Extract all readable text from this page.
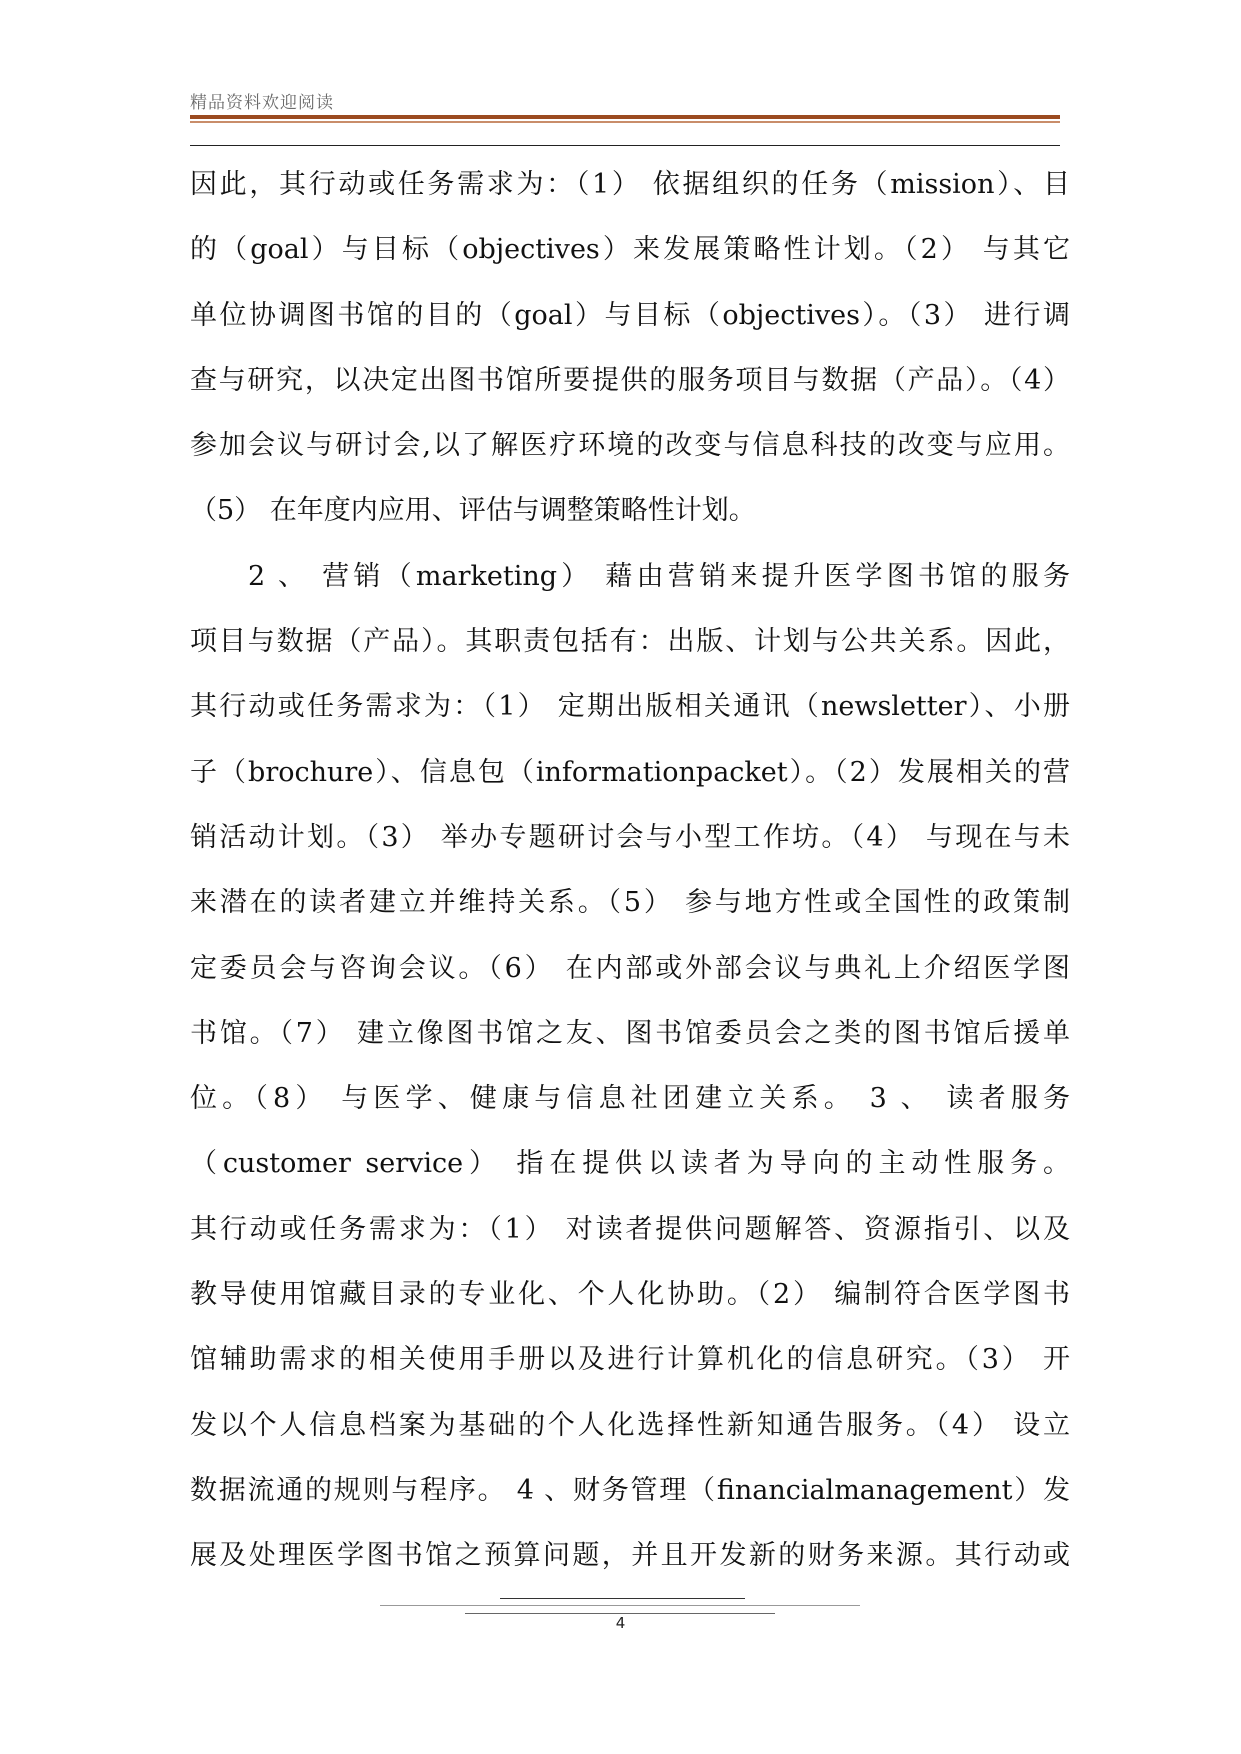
精品资料欢迎阅读
因此，其行动或任务需求为：（1） 依据组织的任务（mission）、目
的（goal）与目标（objectives）来发展策略性计划。（2） 与其它
单位协调图书馆的目的（goal）与目标（objectives）。（3） 进行调
查与研究，以决定出图书馆所要提供的服务项目与数据（产品）。（4）
参加会议与研讨会,以了解医疗环境的改变与信息科技的改变与应用。
（5） 在年度内应用、评估与调整策略性计划。
2 、 营销（marketing） 藉由营销来提升医学图书馆的服务
项目与数据（产品）。其职责包括有：出版、计划与公共关系。因此，
其行动或任务需求为：（1） 定期出版相关通讯（newsletter）、小册
子（brochure）、信息包（informationpacket）。（2）发展相关的营
销活动计划。（3） 举办专题研讨会与小型工作坊。（4） 与现在与未
来潜在的读者建立并维持关系。（5） 参与地方性或全国性的政策制
定委员会与咨询会议。（6） 在内部或外部会议与典礼上介绍医学图
书馆。（7） 建立像图书馆之友、图书馆委员会之类的图书馆后援单
位。（8） 与医学、健康与信息社团建立关系。 3 、 读者服务
（customer service） 指在提供以读者为导向的主动性服务。
其行动或任务需求为：（1） 对读者提供问题解答、资源指引、以及
教导使用馆藏目录的专业化、个人化协助。（2） 编制符合医学图书
馆辅助需求的相关使用手册以及进行计算机化的信息研究。（3） 开
发以个人信息档案为基础的个人化选择性新知通告服务。（4） 设立
数据流通的规则与程序。 4 、财务管理（financialmanagement）发
展及处理医学图书馆之预算问题，并且开发新的财务来源。其行动或
4
